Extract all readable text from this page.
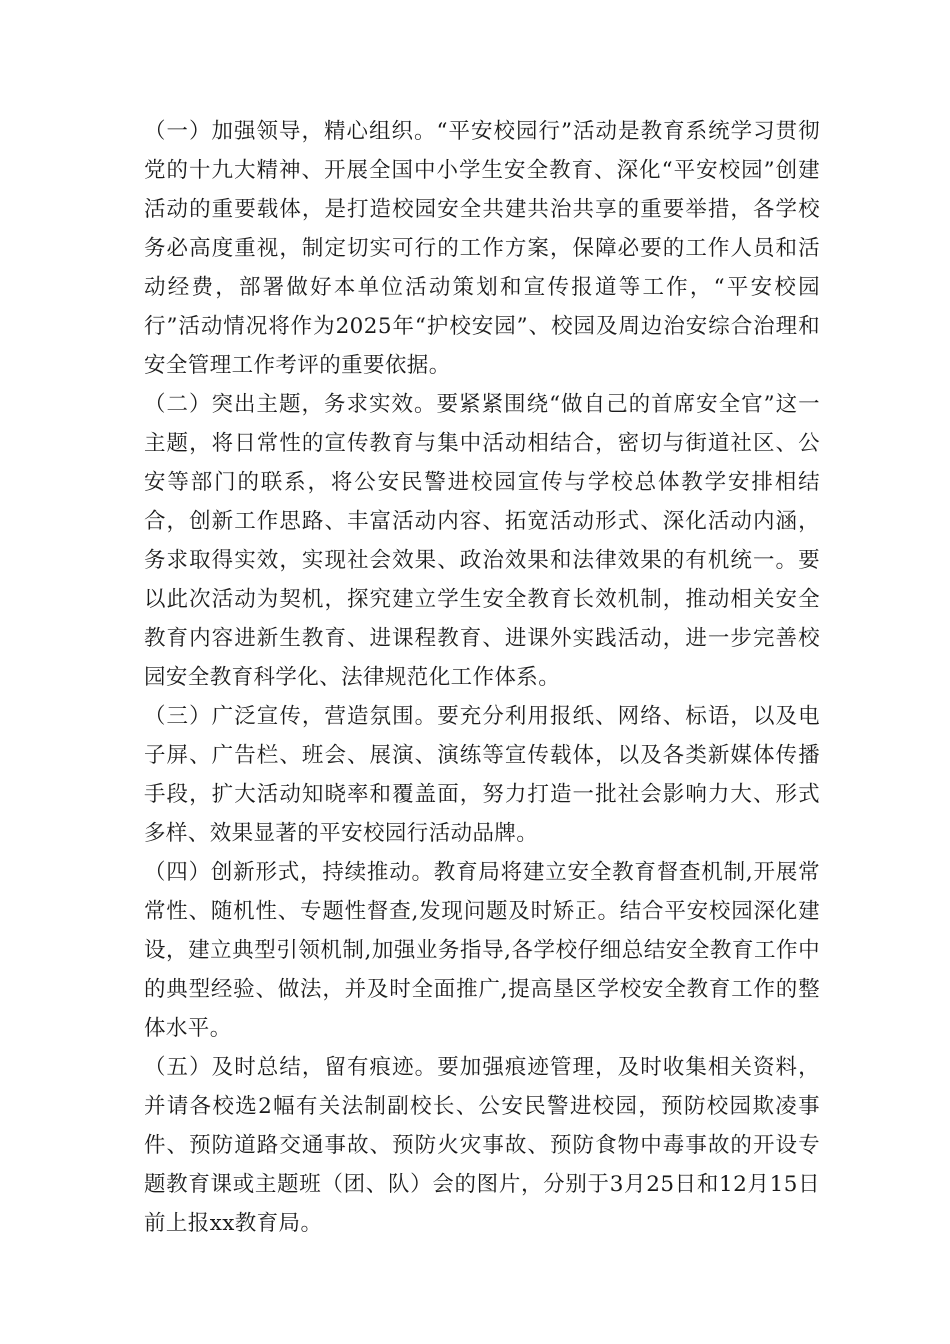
（一）加强领导，精心组织。“平安校园行”活动是教育系统学习贯彻党的十九大精神、开展全国中小学生安全教育、深化“平安校园”创建活动的重要载体，是打造校园安全共建共治共享的重要举措，各学校务必高度重视，制定切实可行的工作方案，保障必要的工作人员和活动经费，部署做好本单位活动策划和宣传报道等工作，“平安校园行”活动情况将作为2025年“护校安园”、校园及周边治安综合治理和安全管理工作考评的重要依据。

（二）突出主题，务求实效。要紧紧围绕“做自己的首席安全官”这一主题，将日常性的宣传教育与集中活动相结合，密切与街道社区、公安等部门的联系，将公安民警进校园宣传与学校总体教学安排相结合，创新工作思路、丰富活动内容、拓宽活动形式、深化活动内涵，务求取得实效，实现社会效果、政治效果和法律效果的有机统一。要以此次活动为契机，探究建立学生安全教育长效机制，推动相关安全教育内容进新生教育、进课程教育、进课外实践活动，进一步完善校园安全教育科学化、法律规范化工作体系。

（三）广泛宣传，营造氛围。要充分利用报纸、网络、标语，以及电子屏、广告栏、班会、展演、演练等宣传载体，以及各类新媒体传播手段，扩大活动知晓率和覆盖面，努力打造一批社会影响力大、形式多样、效果显著的平安校园行活动品牌。

（四）创新形式，持续推动。教育局将建立安全教育督查机制,开展常常性、随机性、专题性督查,发现问题及时矫正。结合平安校园深化建设，建立典型引领机制,加强业务指导,各学校仔细总结安全教育工作中的典型经验、做法，并及时全面推广,提高垦区学校安全教育工作的整体水平。

（五）及时总结，留有痕迹。要加强痕迹管理，及时收集相关资料，并请各校选2幅有关法制副校长、公安民警进校园，预防校园欺凌事件、预防道路交通事故、预防火灾事故、预防食物中毒事故的开设专题教育课或主题班（团、队）会的图片，分别于3月25日和12月15日前上报xx教育局。
